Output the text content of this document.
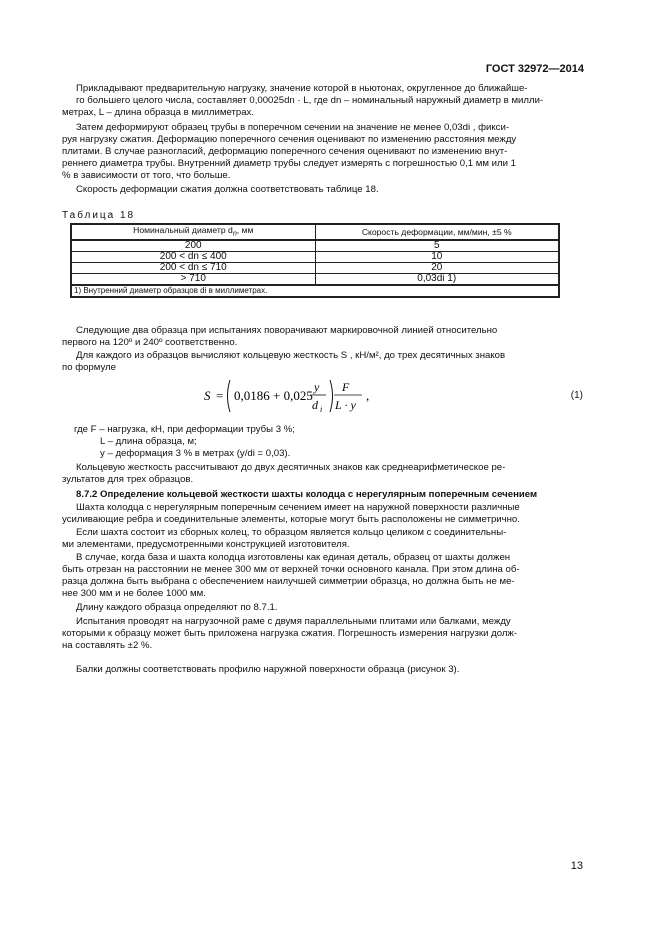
ГОСТ 32972—2014
Прикладывают предварительную нагрузку, значение которой в ньютонах, округленное до ближайше-
го большего целого числа, составляет 0,00025dn · L, где dn – номинальный наружный диаметр в милли-
метрах, L – длина образца в миллиметрах.
Затем деформируют образец трубы в поперечном сечении на значение не менее 0,03di , фикси-
руя нагрузку сжатия. Деформацию поперечного сечения оценивают по изменению расстояния между
плитами. В случае разногласий, деформацию поперечного сечения оценивают по изменению внут-
реннего диаметра трубы. Внутренний диаметр трубы следует измерять с погрешностью 0,1 мм или 1
% в зависимости от того, что больше.
Скорость деформации сжатия должна соответствовать таблице 18.
Таблица 18
Номинальный диаметр $d_n$, мм	Скорость деформации, мм/мин, ±5 %
200	5
200 < dn ≤ 400	10
200 < dn ≤ 710	20
> 710	0,03di 1)
1) Внутренний диаметр образцов di в миллиметрах.	
Следующие два образца при испытаниях поворачивают маркировочной линией относительно
первого на 120º и 240º соответственно.
Для каждого из образцов вычисляют кольцевую жесткость S , кН/м², до трех десятичных знаков
по формуле
S = 0,0186 + 0,025
y
d i
F
L · y
,	(1)
где F – нагрузка, кН, при деформации трубы 3 %;
L – длина образца, м;
y – деформация 3 % в метрах (y/di = 0,03).
Кольцевую жесткость рассчитывают до двух десятичных знаков как среднеарифметическое ре-
зультатов для трех образцов.
8.7.2 Определение кольцевой жесткости шахты колодца с нерегулярным поперечным сечением
Шахта колодца с нерегулярным поперечным сечением имеет на наружной поверхности различные
усиливающие ребра и соединительные элементы, которые могут быть расположены не симметрично.
Если шахта состоит из сборных колец, то образцом является кольцо целиком с соединительны-
ми элементами, предусмотренными конструкцией изготовителя.
В случае, когда база и шахта колодца изготовлены как единая деталь, образец от шахты должен
быть отрезан на расстоянии не менее 300 мм от верхней точки основного канала. При этом длина об-
разца должна быть выбрана с обеспечением наилучшей симметрии образца, но должна быть не ме-
нее 300 мм и не более 1000 мм.
Длину каждого образца определяют по 8.7.1.
Испытания проводят на нагрузочной раме с двумя параллельными плитами или балками, между
которыми к образцу может быть приложена нагрузка сжатия. Погрешность измерения нагрузки долж-
на составлять ±2 %.
Балки должны соответствовать профилю наружной поверхности образца (рисунок 3).
13
